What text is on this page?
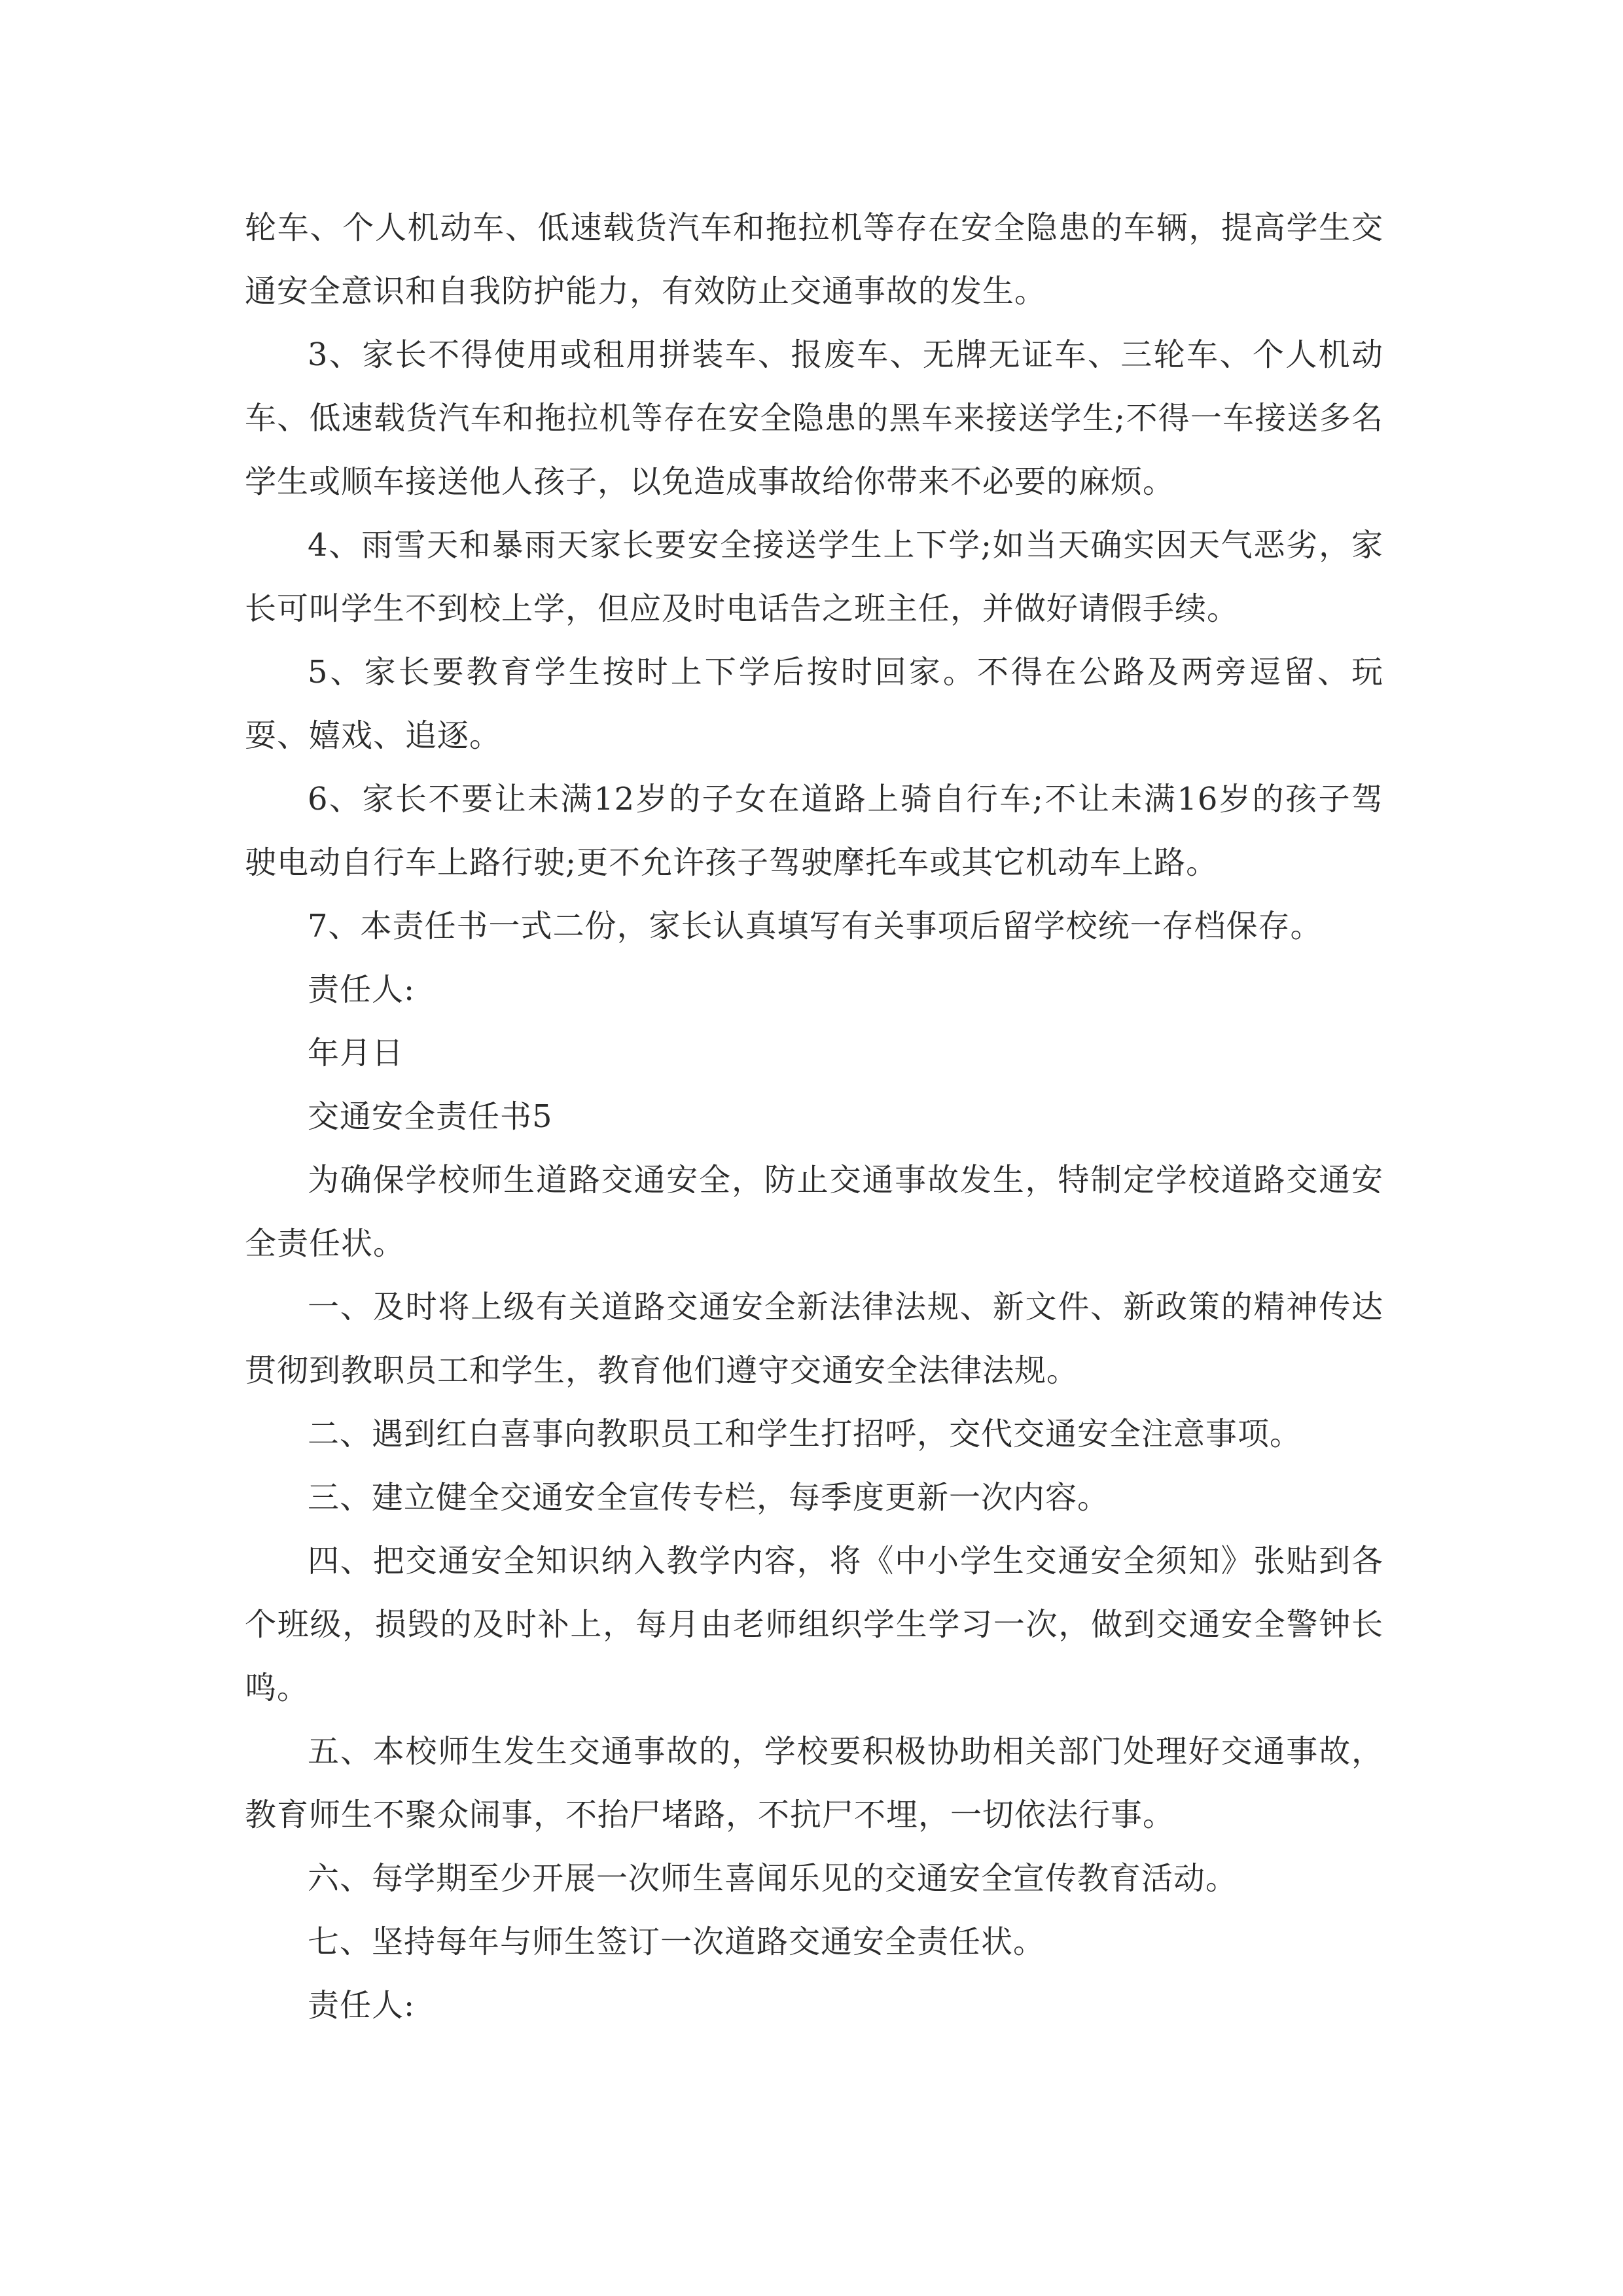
轮车、个人机动车、低速载货汽车和拖拉机等存在安全隐患的车辆，提高学生交通安全意识和自我防护能力，有效防止交通事故的发生。

3、家长不得使用或租用拼装车、报废车、无牌无证车、三轮车、个人机动车、低速载货汽车和拖拉机等存在安全隐患的黑车来接送学生;不得一车接送多名学生或顺车接送他人孩子，以免造成事故给你带来不必要的麻烦。

4、雨雪天和暴雨天家长要安全接送学生上下学;如当天确实因天气恶劣，家长可叫学生不到校上学，但应及时电话告之班主任，并做好请假手续。

5、家长要教育学生按时上下学后按时回家。不得在公路及两旁逗留、玩耍、嬉戏、追逐。

6、家长不要让未满12岁的子女在道路上骑自行车;不让未满16岁的孩子驾驶电动自行车上路行驶;更不允许孩子驾驶摩托车或其它机动车上路。

7、本责任书一式二份，家长认真填写有关事项后留学校统一存档保存。

责任人:

年月日

交通安全责任书5

为确保学校师生道路交通安全，防止交通事故发生，特制定学校道路交通安全责任状。

一、及时将上级有关道路交通安全新法律法规、新文件、新政策的精神传达贯彻到教职员工和学生，教育他们遵守交通安全法律法规。

二、遇到红白喜事向教职员工和学生打招呼，交代交通安全注意事项。

三、建立健全交通安全宣传专栏，每季度更新一次内容。

四、把交通安全知识纳入教学内容，将《中小学生交通安全须知》张贴到各个班级，损毁的及时补上，每月由老师组织学生学习一次，做到交通安全警钟长鸣。

五、本校师生发生交通事故的，学校要积极协助相关部门处理好交通事故，教育师生不聚众闹事，不抬尸堵路，不抗尸不埋，一切依法行事。

六、每学期至少开展一次师生喜闻乐见的交通安全宣传教育活动。

七、坚持每年与师生签订一次道路交通安全责任状。

责任人:
